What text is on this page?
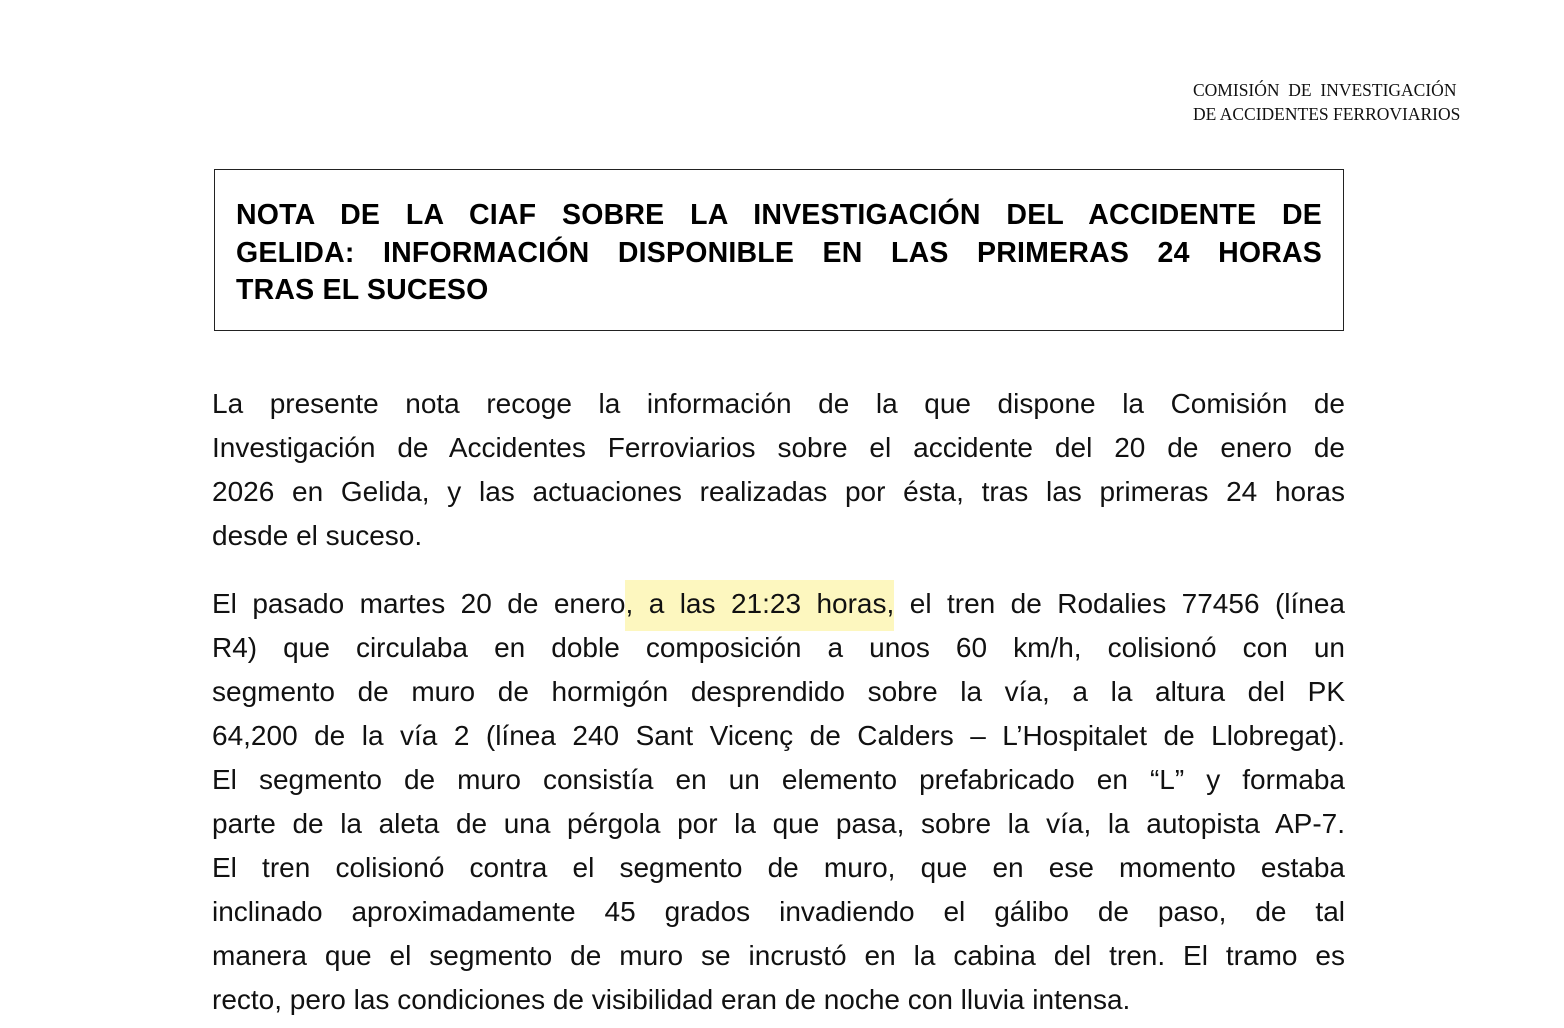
COMISIÓN  DE  INVESTIGACIÓN
DE ACCIDENTES FERROVIARIOS
NOTA DE LA CIAF SOBRE LA INVESTIGACIÓN DEL ACCIDENTE DE
GELIDA: INFORMACIÓN DISPONIBLE EN LAS PRIMERAS 24 HORAS
TRAS EL SUCESO
La presente nota recoge la información de la que dispone la Comisión de
Investigación de Accidentes Ferroviarios sobre el accidente del 20 de enero de
2026 en Gelida, y las actuaciones realizadas por ésta, tras las primeras 24 horas
desde el suceso.
El pasado martes 20 de enero, a las 21:23 horas, el tren de Rodalies 77456 (línea
R4) que circulaba en doble composición a unos 60 km/h, colisionó con un
segmento de muro de hormigón desprendido sobre la vía, a la altura del PK
64,200 de la vía 2 (línea 240 Sant Vicenç de Calders – L’Hospitalet de Llobregat).
El segmento de muro consistía en un elemento prefabricado en “L” y formaba
parte de la aleta de una pérgola por la que pasa, sobre la vía, la autopista AP-7.
El tren colisionó contra el segmento de muro, que en ese momento estaba
inclinado aproximadamente 45 grados invadiendo el gálibo de paso, de tal
manera que el segmento de muro se incrustó en la cabina del tren. El tramo es
recto, pero las condiciones de visibilidad eran de noche con lluvia intensa.
